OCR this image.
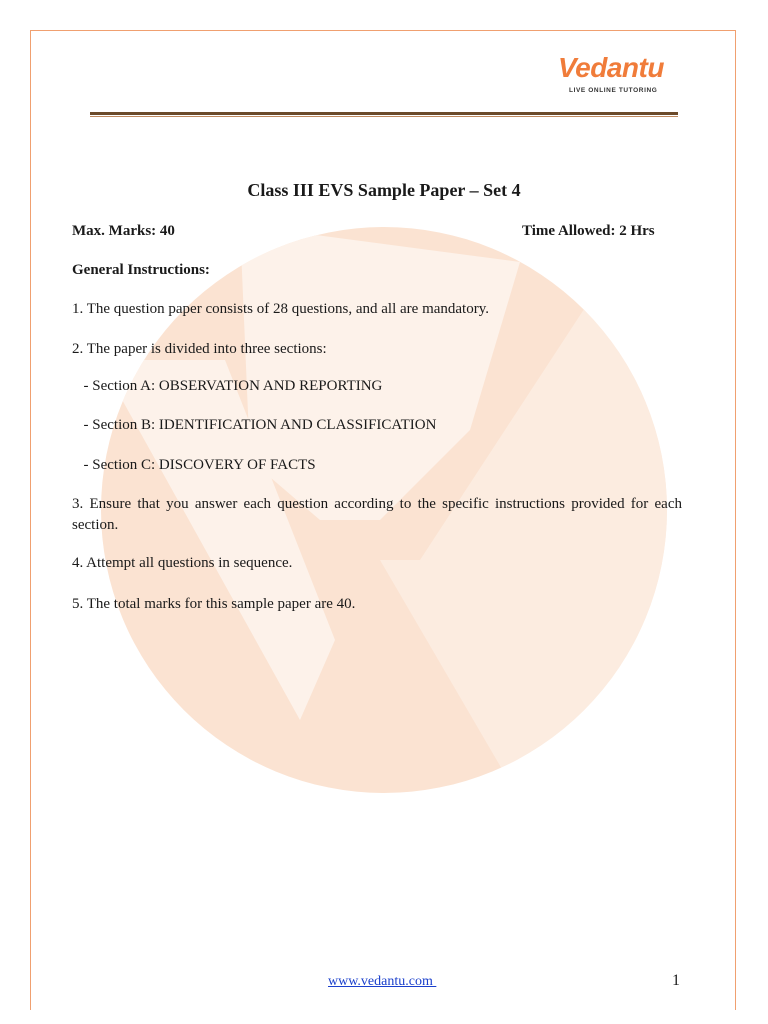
Vedantu
LIVE ONLINE TUTORING
Class III EVS Sample Paper – Set 4
Max. Marks: 40	Time Allowed: 2 Hrs
General Instructions:
1. The question paper consists of 28 questions, and all are mandatory.
2. The paper is divided into three sections:
- Section A: OBSERVATION AND REPORTING
- Section B: IDENTIFICATION AND CLASSIFICATION
- Section C: DISCOVERY OF FACTS
3. Ensure that you answer each question according to the specific instructions provided for each section.
4. Attempt all questions in sequence.
5. The total marks for this sample paper are 40.
www.vedantu.com	1
